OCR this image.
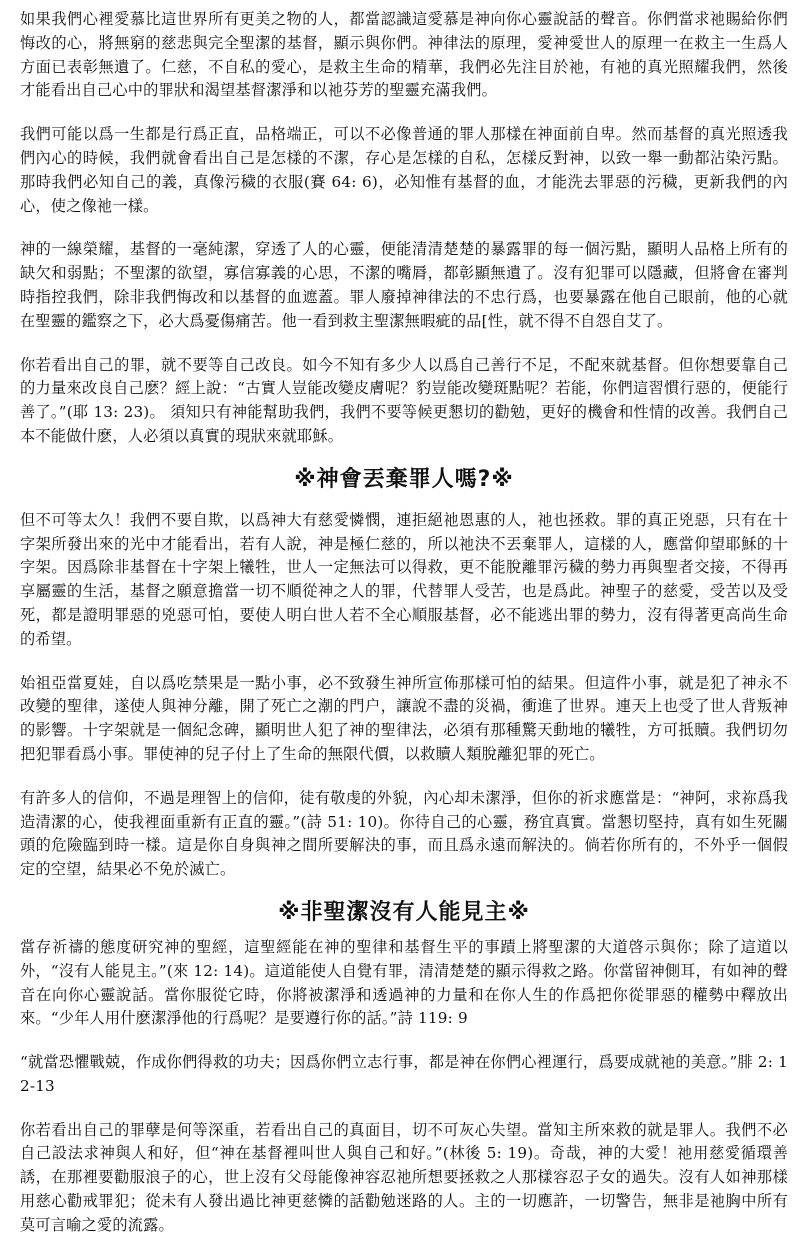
如果我們心裡愛慕比這世界所有更美之物的人，都當認識這愛慕是神向你心靈說話的聲音。你們當求祂賜給你們悔改的心，將無窮的慈悲與完全聖潔的基督，顯示與你們。神律法的原理，愛神愛世人的原理一在救主一生爲人方面已表彰無遺了。仁慈，不自私的愛心，是救主生命的精華，我們必先注目於祂，有祂的真光照耀我們，然後才能看出自己心中的罪狀和渴望基督潔淨和以祂芬芳的聖靈充滿我們。

我們可能以爲一生都是行爲正直，品格端正，可以不必像普通的罪人那樣在神面前自卑。然而基督的真光照透我們內心的時候，我們就會看出自己是怎樣的不潔，存心是怎樣的自私，怎樣反對神，以致一舉一動都沾染污點。那時我們必知自己的義，真像污穢的衣服(賽 64: 6)，必知惟有基督的血，才能洗去罪惡的污穢，更新我們的內心，使之像祂一樣。

神的一線榮耀，基督的一毫純潔，穿透了人的心靈，便能清清楚楚的暴露罪的每一個污點，顯明人品格上所有的缺欠和弱點；不聖潔的欲望，寡信寡義的心思，不潔的嘴脣，都彰顯無遺了。沒有犯罪可以隱藏，但將會在審判時指控我們，除非我們悔改和以基督的血遮蓋。罪人廢掉神律法的不忠行爲，也要暴露在他自己眼前，他的心就在聖靈的鑑察之下，必大爲憂傷痛苦。他一看到救主聖潔無暇疵的品[性，就不得不自怨自艾了。

你若看出自己的罪，就不要等自己改良。如今不知有多少人以爲自己善行不足，不配來就基督。但你想要靠自己的力量來改良自己麽？經上說：“古實人豈能改變皮膚呢？豹豈能改變斑點呢？若能，你們這習慣行惡的，便能行善了。”(耶 13: 23)。 須知只有神能幫助我們，我們不要等候更懇切的勸勉，更好的機會和性情的改善。我們自己本不能做什麽，人必須以真實的現狀來就耶穌。

※神會丟棄罪人嗎?※

但不可等太久！我們不要自欺，以爲神大有慈愛憐憫，連拒絕祂恩惠的人，祂也拯救。罪的真正兇惡，只有在十字架所發出來的光中才能看出，若有人說，神是極仁慈的，所以祂決不丟棄罪人，這樣的人，應當仰望耶穌的十字架。因爲除非基督在十字架上犧牲，世人一定無法可以得救，更不能脫離罪污穢的勢力再與聖者交接，不得再享屬靈的生活，基督之願意擔當一切不順從神之人的罪，代替罪人受苦，也是爲此。神聖子的慈愛，受苦以及受死，都是證明罪惡的兇惡可怕，要使人明白世人若不全心順服基督，必不能逃出罪的勢力，沒有得著更高尚生命的希望。

始祖亞當夏娃，自以爲吃禁果是一點小事，必不致發生神所宣佈那樣可怕的結果。但這件小事，就是犯了神永不改變的聖律，遂使人與神分離，開了死亡之潮的門户，讓說不盡的災禍，衝進了世界。連天上也受了世人背叛神的影響。十字架就是一個紀念碑，顯明世人犯了神的聖律法，必須有那種驚天動地的犧牲，方可抵贖。我們切勿把犯罪看爲小事。罪使神的兒子付上了生命的無限代價，以救贖人類脫離犯罪的死亡。

有許多人的信仰，不過是理智上的信仰，徒有敬虔的外貌，內心却未潔淨，但你的祈求應當是：“神阿，求祢爲我造清潔的心，使我裡面重新有正直的靈。”(詩 51: 10)。你待自己的心靈，務宜真實。當懇切堅持，真有如生死關頭的危險臨到時一樣。這是你自身與神之間所要解決的事，而且爲永遠而解決的。倘若你所有的，不外乎一個假定的空望，結果必不免於滅亡。

※非聖潔沒有人能見主※

當存祈禱的態度研究神的聖經，這聖經能在神的聖律和基督生平的事蹟上將聖潔的大道啓示與你；除了這道以外，“沒有人能見主。”(來 12: 14)。這道能使人自覺有罪，清清楚楚的顯示得救之路。你當留神側耳，有如神的聲音在向你心靈說話。當你服從它時，你將被潔淨和透過神的力量和在你人生的作爲把你從罪惡的權勢中釋放出來。“少年人用什麽潔淨他的行爲呢？是要遵行你的話。”詩 119: 9

“就當恐懼戰兢，作成你們得救的功夫；因爲你們立志行事，都是神在你們心裡運行，爲要成就祂的美意。”腓 2: 12-13

你若看出自己的罪孽是何等深重，若看出自己的真面目，切不可灰心失望。當知主所來救的就是罪人。我們不必自己設法求神與人和好，但“神在基督裡叫世人與自己和好。”(林後 5: 19)。奇哉，神的大愛！祂用慈愛循環善誘，在那裡要勸服浪子的心，世上沒有父母能像神容忍祂所想要拯救之人那樣容忍子女的過失。沒有人如神那樣用慈心勸戒罪犯；從未有人發出過比神更慈憐的話勸勉迷路的人。主的一切應許，一切警告，無非是祂胸中所有莫可言喻之愛的流露。
